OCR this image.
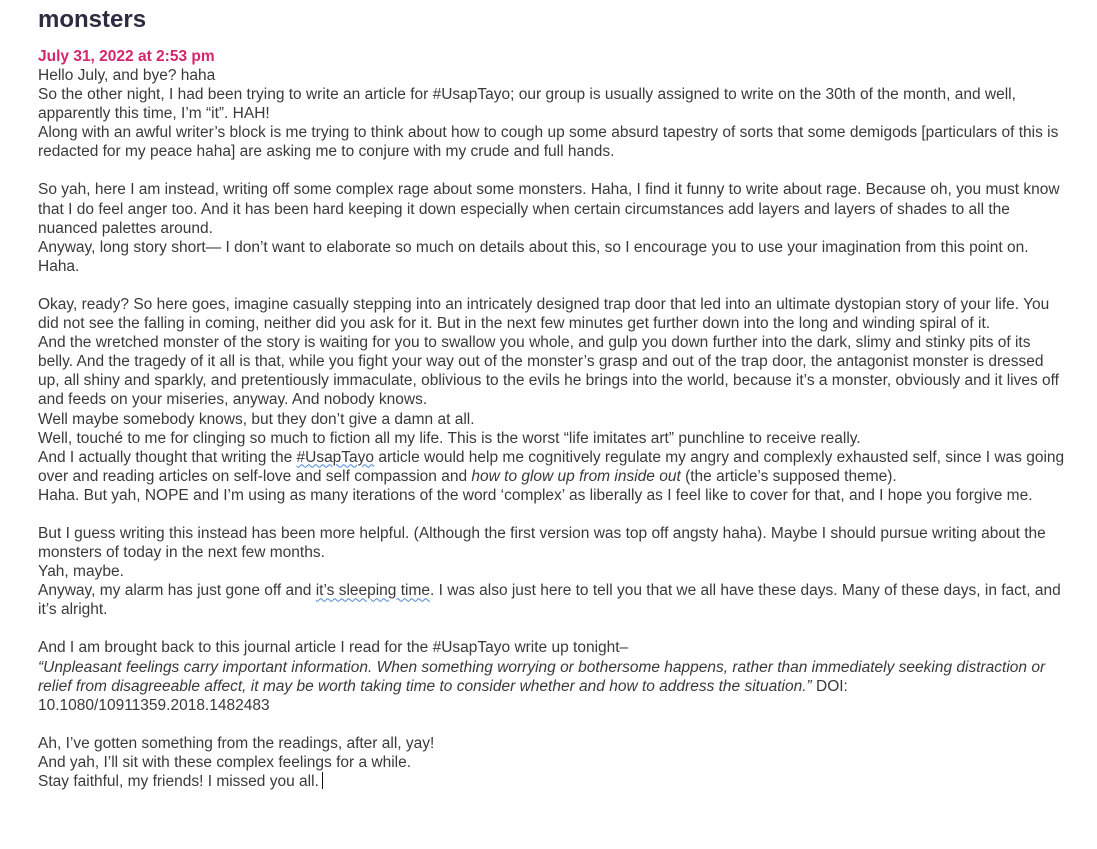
monsters
July 31, 2022 at 2:53 pm

Hello July, and bye? haha

So the other night, I had been trying to write an article for #UsapTayo; our group is usually assigned to write on the 30th of the month, and well, apparently this time, I’m “it”. HAH!

Along with an awful writer’s block is me trying to think about how to cough up some absurd tapestry of sorts that some demigods [particulars of this is redacted for my peace haha] are asking me to conjure with my crude and full hands.

So yah, here I am instead, writing off some complex rage about some monsters. Haha, I find it funny to write about rage. Because oh, you must know that I do feel anger too. And it has been hard keeping it down especially when certain circumstances add layers and layers of shades to all the nuanced palettes around.

Anyway, long story short— I don’t want to elaborate so much on details about this, so I encourage you to use your imagination from this point on. Haha.

Okay, ready? So here goes, imagine casually stepping into an intricately designed trap door that led into an ultimate dystopian story of your life. You did not see the falling in coming, neither did you ask for it. But in the next few minutes get further down into the long and winding spiral of it.

And the wretched monster of the story is waiting for you to swallow you whole, and gulp you down further into the dark, slimy and stinky pits of its belly. And the tragedy of it all is that, while you fight your way out of the monster’s grasp and out of the trap door, the antagonist monster is dressed up, all shiny and sparkly, and pretentiously immaculate, oblivious to the evils he brings into the world, because it’s a monster, obviously and it lives off and feeds on your miseries, anyway. And nobody knows.

Well maybe somebody knows, but they don’t give a damn at all.

Well, touché to me for clinging so much to fiction all my life. This is the worst “life imitates art” punchline to receive really.

And I actually thought that writing the #UsapTayo article would help me cognitively regulate my angry and complexly exhausted self, since I was going over and reading articles on self-love and self compassion and how to glow up from inside out (the article’s supposed theme).

Haha. But yah, NOPE and I’m using as many iterations of the word ‘complex’ as liberally as I feel like to cover for that, and I hope you forgive me.

But I guess writing this instead has been more helpful. (Although the first version was top off angsty haha). Maybe I should pursue writing about the monsters of today in the next few months.

Yah, maybe.

Anyway, my alarm has just gone off and it’s sleeping time. I was also just here to tell you that we all have these days. Many of these days, in fact, and it’s alright.

And I am brought back to this journal article I read for the #UsapTayo write up tonight–

“Unpleasant feelings carry important information. When something worrying or bothersome happens, rather than immediately seeking distraction or relief from disagreeable affect, it may be worth taking time to consider whether and how to address the situation.” DOI: 10.1080/10911359.2018.1482483

Ah, I’ve gotten something from the readings, after all, yay!

And yah, I’ll sit with these complex feelings for a while.

Stay faithful, my friends! I missed you all.
